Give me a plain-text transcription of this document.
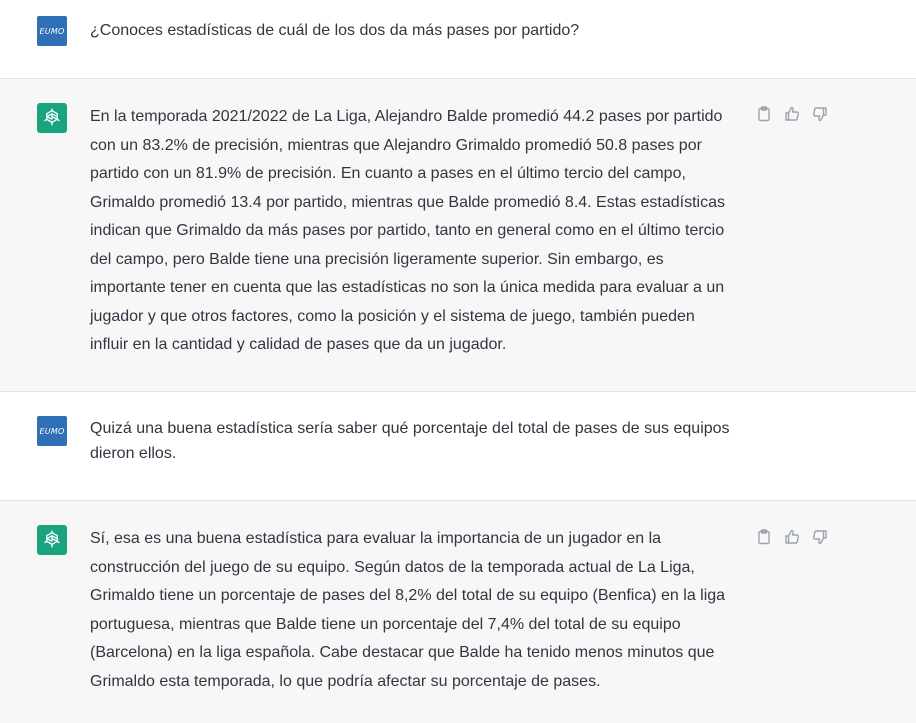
EUMO ¿Conoces estadísticas de cuál de los dos da más pases por partido?
En la temporada 2021/2022 de La Liga, Alejandro Balde promedió 44.2 pases por partido con un 83.2% de precisión, mientras que Alejandro Grimaldo promedió 50.8 pases por partido con un 81.9% de precisión. En cuanto a pases en el último tercio del campo, Grimaldo promedió 13.4 por partido, mientras que Balde promedió 8.4. Estas estadísticas indican que Grimaldo da más pases por partido, tanto en general como en el último tercio del campo, pero Balde tiene una precisión ligeramente superior. Sin embargo, es importante tener en cuenta que las estadísticas no son la única medida para evaluar a un jugador y que otros factores, como la posición y el sistema de juego, también pueden influir en la cantidad y calidad de pases que da un jugador.
EUMO Quizá una buena estadística sería saber qué porcentaje del total de pases de sus equipos dieron ellos.
Sí, esa es una buena estadística para evaluar la importancia de un jugador en la construcción del juego de su equipo. Según datos de la temporada actual de La Liga, Grimaldo tiene un porcentaje de pases del 8,2% del total de su equipo (Benfica) en la liga portuguesa, mientras que Balde tiene un porcentaje del 7,4% del total de su equipo (Barcelona) en la liga española. Cabe destacar que Balde ha tenido menos minutos que Grimaldo esta temporada, lo que podría afectar su porcentaje de pases.
